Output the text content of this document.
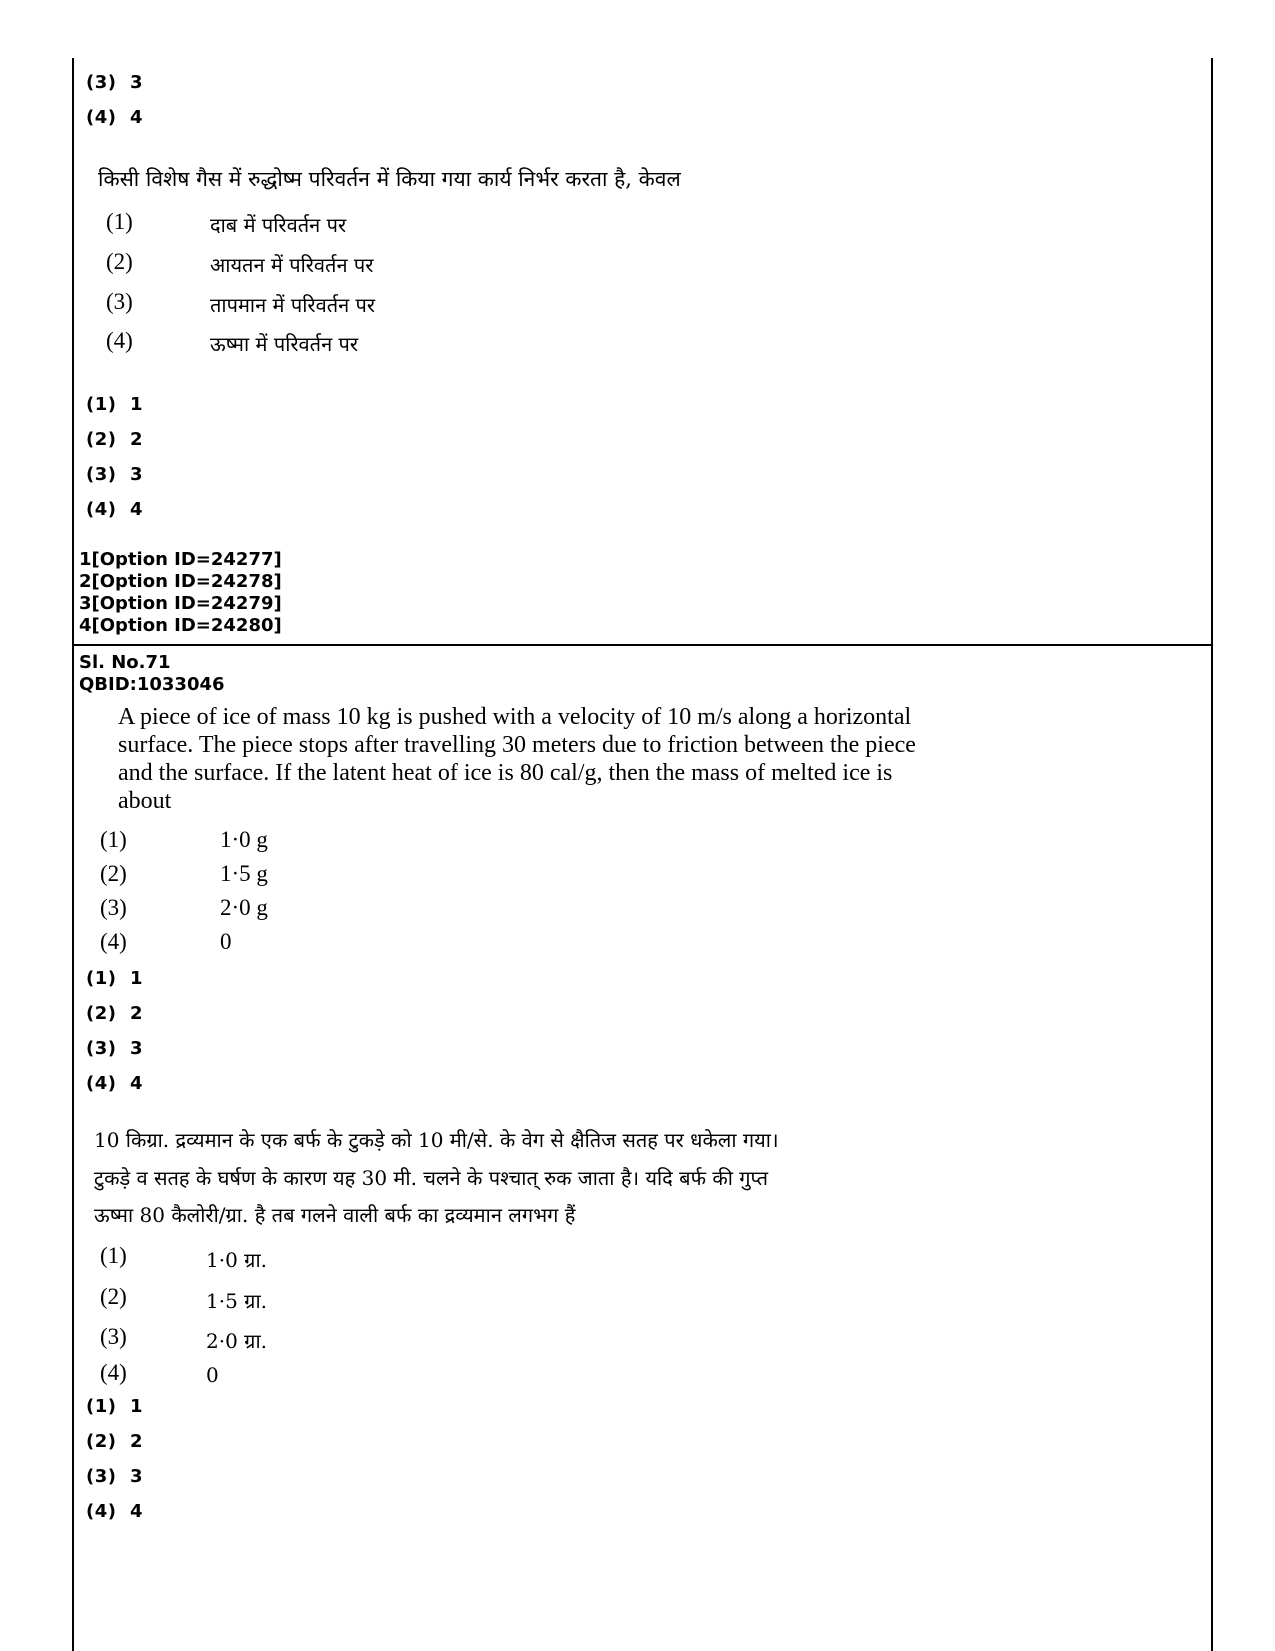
(3) 3
(4) 4
किसी विशेष गैस में रुद्धोष्म परिवर्तन में किया गया कार्य निर्भर करता है, केवल
(1)	दाब में परिवर्तन पर
(2)	आयतन में परिवर्तन पर
(3)	तापमान में परिवर्तन पर
(4)	ऊष्मा में परिवर्तन पर
(1) 1
(2) 2
(3) 3
(4) 4
1[Option ID=24277]
2[Option ID=24278]
3[Option ID=24279]
4[Option ID=24280]
Sl. No.71
QBID:1033046
A piece of ice of mass 10 kg is pushed with a velocity of 10 m/s along a horizontal
surface. The piece stops after travelling 30 meters due to friction between the piece
and the surface. If the latent heat of ice is 80 cal/g, then the mass of melted ice is
about
(1)	1·0 g
(2)	1·5 g
(3)	2·0 g
(4)	0
(1) 1
(2) 2
(3) 3
(4) 4
10 किग्रा. द्रव्यमान के एक बर्फ के टुकड़े को 10 मी/से. के वेग से क्षैतिज सतह पर धकेला गया।
टुकड़े व सतह के घर्षण के कारण यह 30 मी. चलने के पश्चात् रुक जाता है। यदि बर्फ की गुप्त
ऊष्मा 80 कैलोरी/ग्रा. है तब गलने वाली बर्फ का द्रव्यमान लगभग हैं
(1)	1·0 ग्रा.
(2)	1·5 ग्रा.
(3)	2·0 ग्रा.
(4)	0
(1) 1
(2) 2
(3) 3
(4) 4
